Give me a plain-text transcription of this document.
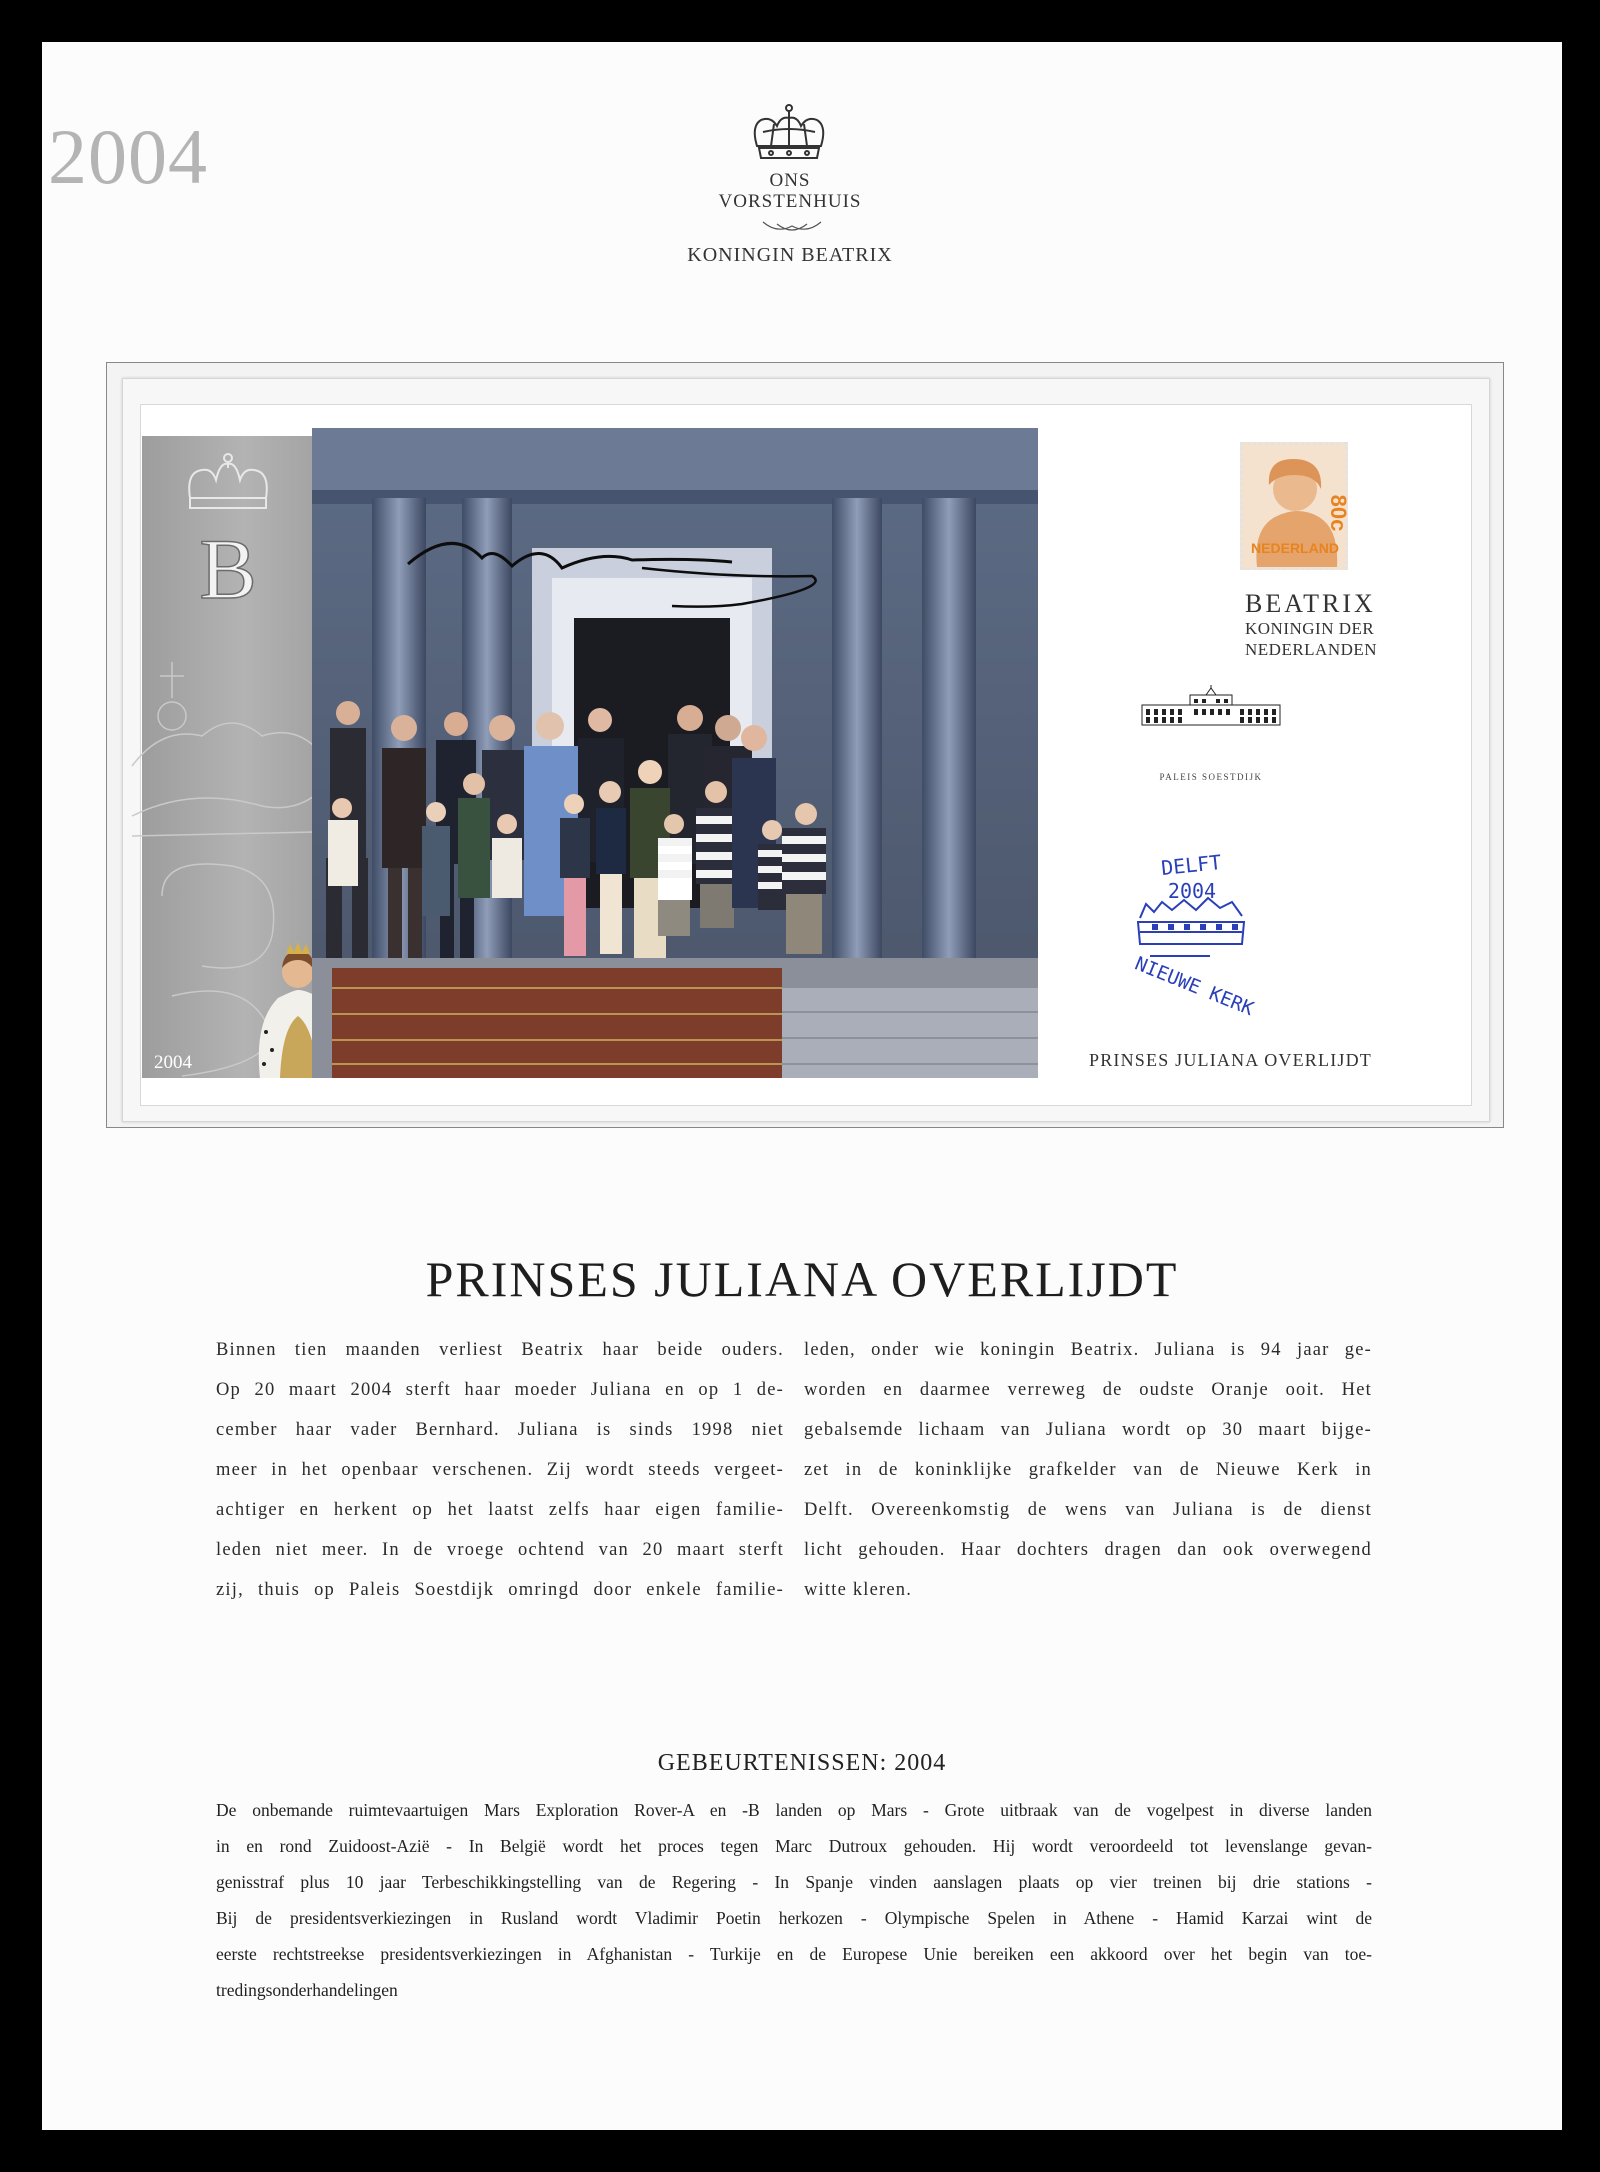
2004	ONS
VORSTENHUIS
KONINGIN BEATRIX
B
2004
NEDERLAND
80c
BEATRIX
KONINGIN DER
NEDERLANDEN
PALEIS SOESTDIJK
DELFT
2004
NIEUWE KERK
PRINSES JULIANA OVERLIJDT
PRINSES JULIANA OVERLIJDT
Binnen tien maanden verliest Beatrix haar beide ouders.
Op 20 maart 2004 sterft haar moeder Juliana en op 1 de-
cember haar vader Bernhard. Juliana is sinds 1998 niet
meer in het openbaar verschenen. Zij wordt steeds vergeet-
achtiger en herkent op het laatst zelfs haar eigen familie-
leden niet meer. In de vroege ochtend van 20 maart sterft
zij, thuis op Paleis Soestdijk omringd door enkele familie-
leden, onder wie koningin Beatrix. Juliana is 94 jaar ge-
worden en daarmee verreweg de oudste Oranje ooit. Het
gebalsemde lichaam van Juliana wordt op 30 maart bijge-
zet in de koninklijke grafkelder van de Nieuwe Kerk in
Delft. Overeenkomstig de wens van Juliana is de dienst
licht gehouden. Haar dochters dragen dan ook overwegend
witte kleren.
GEBEURTENISSEN: 2004
De onbemande ruimtevaartuigen Mars Exploration Rover-A en -B landen op Mars - Grote uitbraak van de vogelpest in diverse landen
in en rond Zuidoost-Azië - In België wordt het proces tegen Marc Dutroux gehouden. Hij wordt veroordeeld tot levenslange gevan-
genisstraf plus 10 jaar Terbeschikkingstelling van de Regering - In Spanje vinden aanslagen plaats op vier treinen bij drie stations -
Bij de presidentsverkiezingen in Rusland wordt Vladimir Poetin herkozen - Olympische Spelen in Athene - Hamid Karzai wint de
eerste rechtstreekse presidentsverkiezingen in Afghanistan - Turkije en de Europese Unie bereiken een akkoord over het begin van toe-
tredingsonderhandelingen
